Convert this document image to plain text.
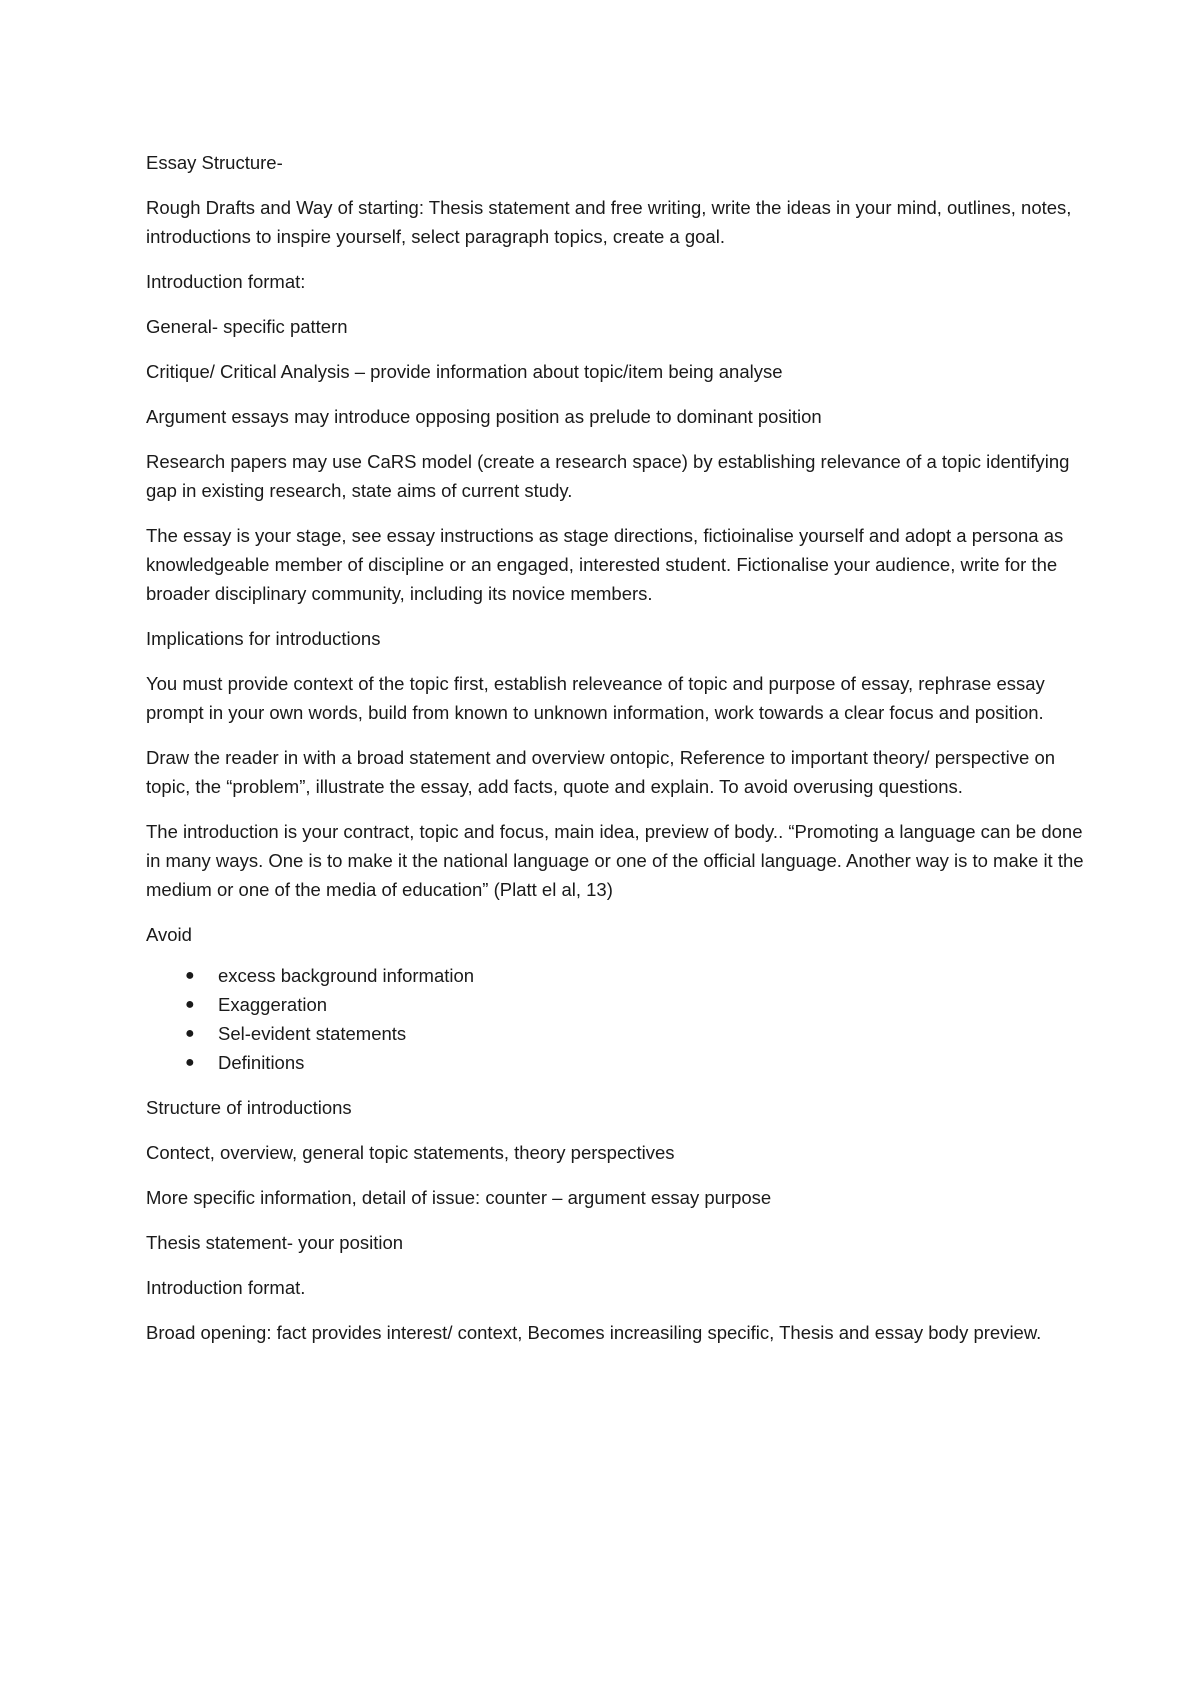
Essay Structure-

Rough Drafts and Way of starting: Thesis statement and free writing, write the ideas in your mind, outlines, notes, introductions to inspire yourself, select paragraph topics, create a goal.

Introduction format:

General- specific pattern

Critique/ Critical Analysis – provide information about topic/item being analyse

Argument essays may introduce opposing position as prelude to dominant position

Research papers may use CaRS model (create a research space) by establishing relevance of a topic identifying gap in existing research, state aims of current study.

The essay is your stage, see essay instructions as stage directions, fictioinalise yourself and adopt a persona as knowledgeable member of discipline or an engaged, interested student. Fictionalise your audience, write for the broader disciplinary community, including its novice members.

Implications for introductions

You must provide context of the topic first, establish releveance of topic and purpose of essay, rephrase essay prompt in your own words, build from known to unknown information, work towards a clear focus and position.

Draw the reader in with a broad statement and overview ontopic, Reference to important theory/ perspective on topic, the “problem”, illustrate the essay, add facts, quote and explain. To avoid overusing questions.

The introduction is your contract, topic and focus, main idea, preview of body.. “Promoting a language can be done in many ways. One is to make it the national language or one of the official language. Another way is to make it the medium or one of the media of education” (Platt el al, 13)

Avoid

● excess background information
● Exaggeration
● Sel-evident statements
● Definitions

Structure of introductions

Contect, overview, general topic statements, theory perspectives

More specific information, detail of issue: counter – argument essay purpose

Thesis statement- your position

Introduction format.

Broad opening: fact provides interest/ context, Becomes increasiling specific, Thesis and essay body preview.
